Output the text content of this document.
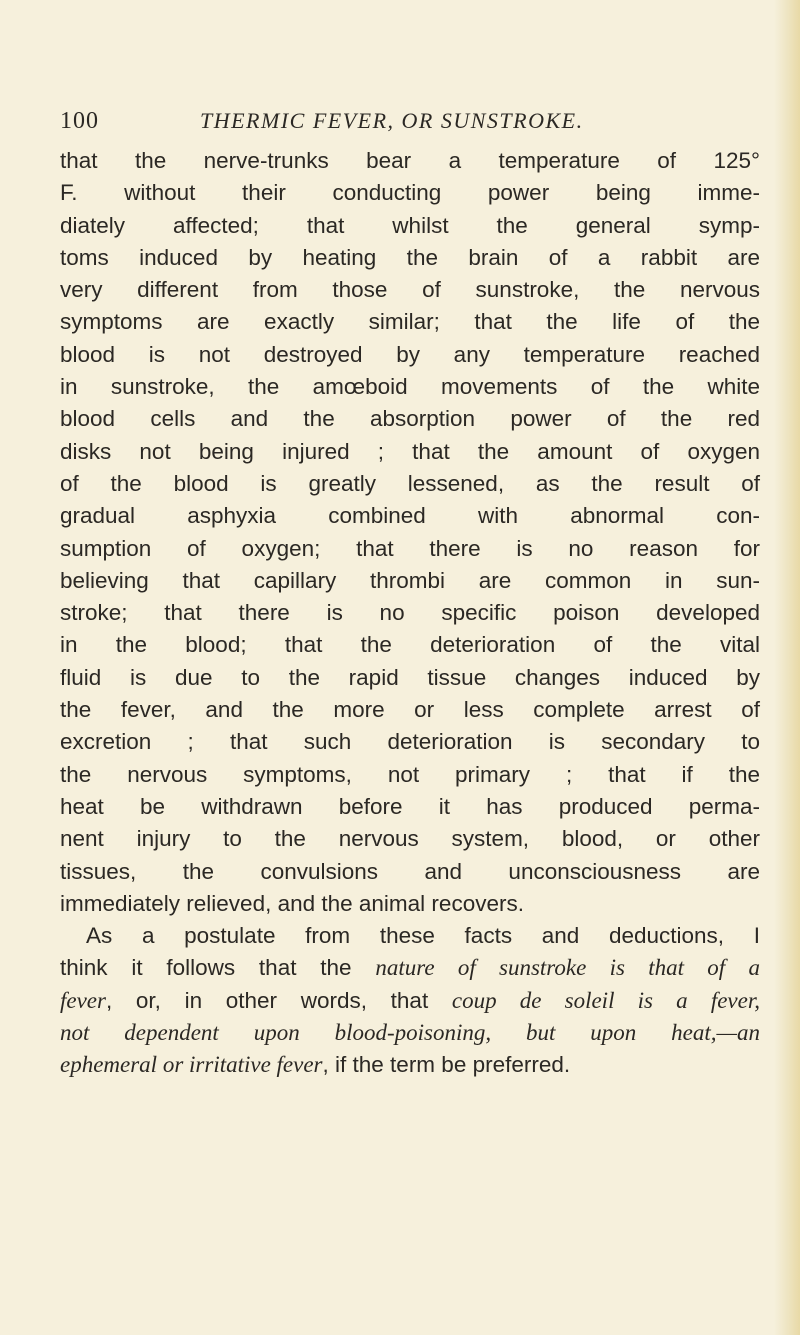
100	THERMIC FEVER, OR SUNSTROKE.
that the nerve-trunks bear a temperature of 125°
F. without their conducting power being imme-
diately affected; that whilst the general symp-
toms induced by heating the brain of a rabbit are
very different from those of sunstroke, the nervous
symptoms are exactly similar; that the life of the
blood is not destroyed by any temperature reached
in sunstroke, the amœboid movements of the white
blood cells and the absorption power of the red
disks not being injured ; that the amount of oxygen
of the blood is greatly lessened, as the result of
gradual asphyxia combined with abnormal con-
sumption of oxygen; that there is no reason for
believing that capillary thrombi are common in sun-
stroke; that there is no specific poison developed
in the blood; that the deterioration of the vital
fluid is due to the rapid tissue changes induced by
the fever, and the more or less complete arrest of
excretion ; that such deterioration is secondary to
the nervous symptoms, not primary ; that if the
heat be withdrawn before it has produced perma-
nent injury to the nervous system, blood, or other
tissues, the convulsions and unconsciousness are
immediately relieved, and the animal recovers.
As a postulate from these facts and deductions, I
think it follows that the nature of sunstroke is that of a
fever, or, in other words, that coup de soleil is a fever,
not dependent upon blood-poisoning, but upon heat,—an
ephemeral or irritative fever, if the term be preferred.
